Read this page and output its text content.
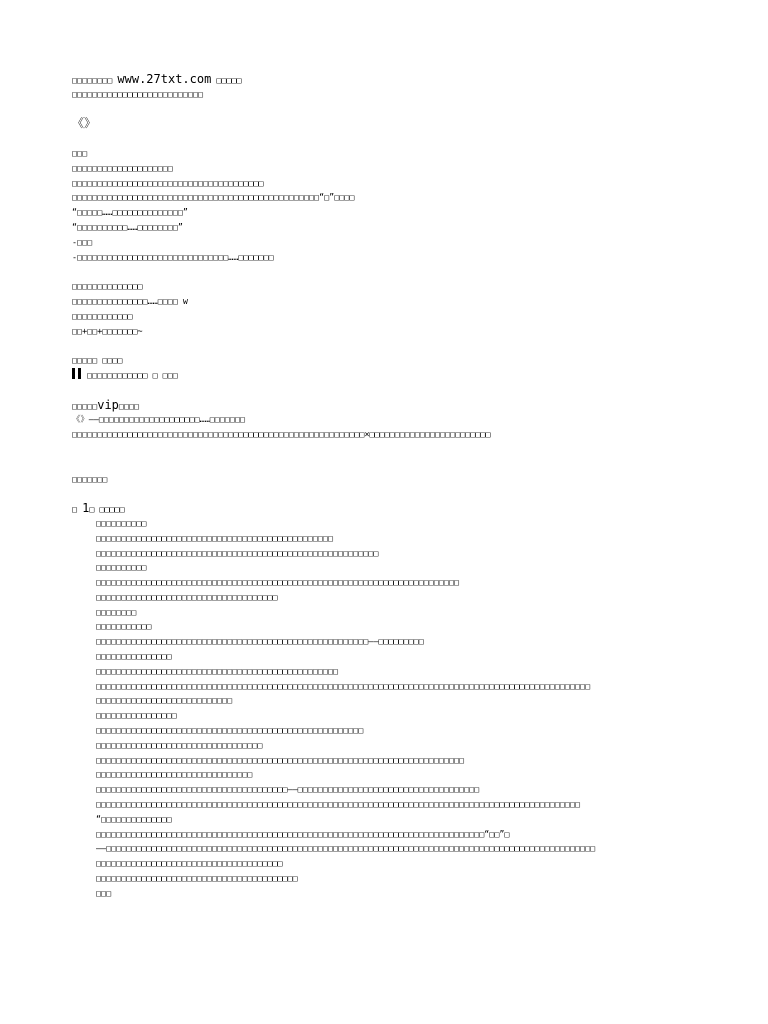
□□□□□□□□ www.27txt.com □□□□□
□□□□□□□□□□□□□□□□□□□□□□□□□□
《》
□□□
□□□□□□□□□□□□□□□□□□□□
□□□□□□□□□□□□□□□□□□□□□□□□□□□□□□□□□□□□□□
□□□□□□□□□□□□□□□□□□□□□□□□□□□□□□□□□□□□□□□□□□□□□□□□□“□”□□□□
“□□□□□……□□□□□□□□□□□□□□”
“□□□□□□□□□□……□□□□□□□□”
-□□□
-□□□□□□□□□□□□□□□□□□□□□□□□□□□□□□……□□□□□□□
□□□□□□□□□□□□□□
□□□□□□□□□□□□□□□……□□□□ w
□□□□□□□□□□□□
□□+□□+□□□□□□□~
□□□□□ □□□□
□□□□□□□□□□□□ □ □□□
□□□□□vip□□□□
《》——□□□□□□□□□□□□□□□□□□□□……□□□□□□□
□□□□□□□□□□□□□□□□□□□□□□□□□□□□□□□□□□□□□□□□□□□□□□□□□□□□□□□□□□×□□□□□□□□□□□□□□□□□□□□□□□□
□□□□□□□
□ 1□ □□□□□
□□□□□□□□□□
□□□□□□□□□□□□□□□□□□□□□□□□□□□□□□□□□□□□□□□□□□□□□□□
□□□□□□□□□□□□□□□□□□□□□□□□□□□□□□□□□□□□□□□□□□□□□□□□□□□□□□□□
□□□□□□□□□□
□□□□□□□□□□□□□□□□□□□□□□□□□□□□□□□□□□□□□□□□□□□□□□□□□□□□□□□□□□□□□□□□□□□□□□□□
□□□□□□□□□□□□□□□□□□□□□□□□□□□□□□□□□□□□
□□□□□□□□
□□□□□□□□□□□
□□□□□□□□□□□□□□□□□□□□□□□□□□□□□□□□□□□□□□□□□□□□□□□□□□□□□□——□□□□□□□□□
□□□□□□□□□□□□□□□
□□□□□□□□□□□□□□□□□□□□□□□□□□□□□□□□□□□□□□□□□□□□□□□□
□□□□□□□□□□□□□□□□□□□□□□□□□□□□□□□□□□□□□□□□□□□□□□□□□□□□□□□□□□□□□□□□□□□□□□□□□□□□□□□□□□□□□□□□□□□□□□□□□□
□□□□□□□□□□□□□□□□□□□□□□□□□□□
□□□□□□□□□□□□□□□□
□□□□□□□□□□□□□□□□□□□□□□□□□□□□□□□□□□□□□□□□□□□□□□□□□□□□□
□□□□□□□□□□□□□□□□□□□□□□□□□□□□□□□□□
□□□□□□□□□□□□□□□□□□□□□□□□□□□□□□□□□□□□□□□□□□□□□□□□□□□□□□□□□□□□□□□□□□□□□□□□□
□□□□□□□□□□□□□□□□□□□□□□□□□□□□□□□
□□□□□□□□□□□□□□□□□□□□□□□□□□□□□□□□□□□□□□——□□□□□□□□□□□□□□□□□□□□□□□□□□□□□□□□□□□□
□□□□□□□□□□□□□□□□□□□□□□□□□□□□□□□□□□□□□□□□□□□□□□□□□□□□□□□□□□□□□□□□□□□□□□□□□□□□□□□□□□□□□□□□□□□□□□□□
“□□□□□□□□□□□□□□
□□□□□□□□□□□□□□□□□□□□□□□□□□□□□□□□□□□□□□□□□□□□□□□□□□□□□□□□□□□□□□□□□□□□□□□□□□□□□“□□”□
——□□□□□□□□□□□□□□□□□□□□□□□□□□□□□□□□□□□□□□□□□□□□□□□□□□□□□□□□□□□□□□□□□□□□□□□□□□□□□□□□□□□□□□□□□□□□□□□□□
□□□□□□□□□□□□□□□□□□□□□□□□□□□□□□□□□□□□□
□□□□□□□□□□□□□□□□□□□□□□□□□□□□□□□□□□□□□□□□
□□□
